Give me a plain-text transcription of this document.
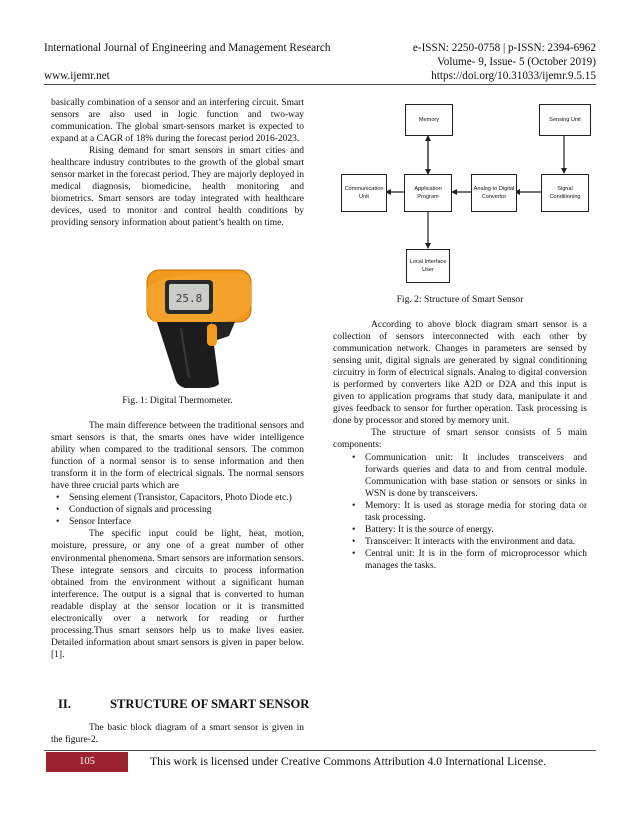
International Journal of Engineering and Management Research	e-ISSN: 2250-0758 | p-ISSN: 2394-6962
Volume- 9, Issue- 5 (October 2019)
www.ijemr.net	https://doi.org/10.31033/ijemr.9.5.15

basically combination of a sensor and an interfering circuit. Smart sensors are also used in logic function and two-way communication. The global smart-sensors market is expected to expand at a CAGR of 18% during the forecast period 2016-2023.

Rising demand for smart sensors in smart cities and healthcare industry contributes to the growth of the global smart sensor market in the forecast period. They are majorly deployed in medical diagnosis, biomedicine, health monitoring and biometrics. Smart sensors are today integrated with healthcare devices, used to monitor and control health conditions by providing sensory information about patient’s health on time.

25.8
Fig. 1: Digital Thermometer.

The main difference between the traditional sensors and smart sensors is that, the smarts ones have wider intelligence ability when compared to the traditional sensors. The common function of a normal sensor is to sense information and then transform it in the form of electrical signals. The normal sensors have three crucial parts which are

• Sensing element (Transistor, Capacitors, Photo Diode etc.)
• Conduction of signals and processing
• Sensor Interface

The specific input could be light, heat, motion, moisture, pressure, or any one of a great number of other environmental phenomena. Smart sensors are information sensors. These integrate sensors and circuits to process information obtained from the environment without a significant human interference. The output is a signal that is converted to human readable display at the sensor location or it is transmitted electronically over a network for reading or further processing.Thus smart sensors help us to make lives easier. Detailed information about smart sensors is given in paper below.[1].

II.	STRUCTURE OF SMART SENSOR

The basic block diagram of a smart sensor is given in the figure-2.

Memory	Sensing Unit
Communication
Unit
Application
Program
Analog to Digital
Convertor
Signal
Conditioning
Local Interface
User
Fig. 2: Structure of Smart Sensor

According to above block diagram smart sensor is a collection of sensors interconnected with each other by communication network. Changes in parameters are sensed by sensing unit, digital signals are generated by signal conditioning circuitry in form of electrical signals. Analog to digital conversion is performed by converters like A2D or D2A and this input is given to application programs that study data, manipulate it and gives feedback to sensor for further operation. Task processing is done by processor and stored by memory unit.

The structure of smart sensor consists of 5 main components:

• Communication unit: It includes transceivers and forwards queries and data to and from central module. Communication with base station or sensors or sinks in WSN is done by transceivers.
• Memory: It is used as storage media for storing data or task processing.
• Battery: It is the source of energy.
• Transceiver: It interacts with the environment and data.
• Central unit: It is in the form of microprocessor which manages the tasks.
105	This work is licensed under Creative Commons Attribution 4.0 International License.
